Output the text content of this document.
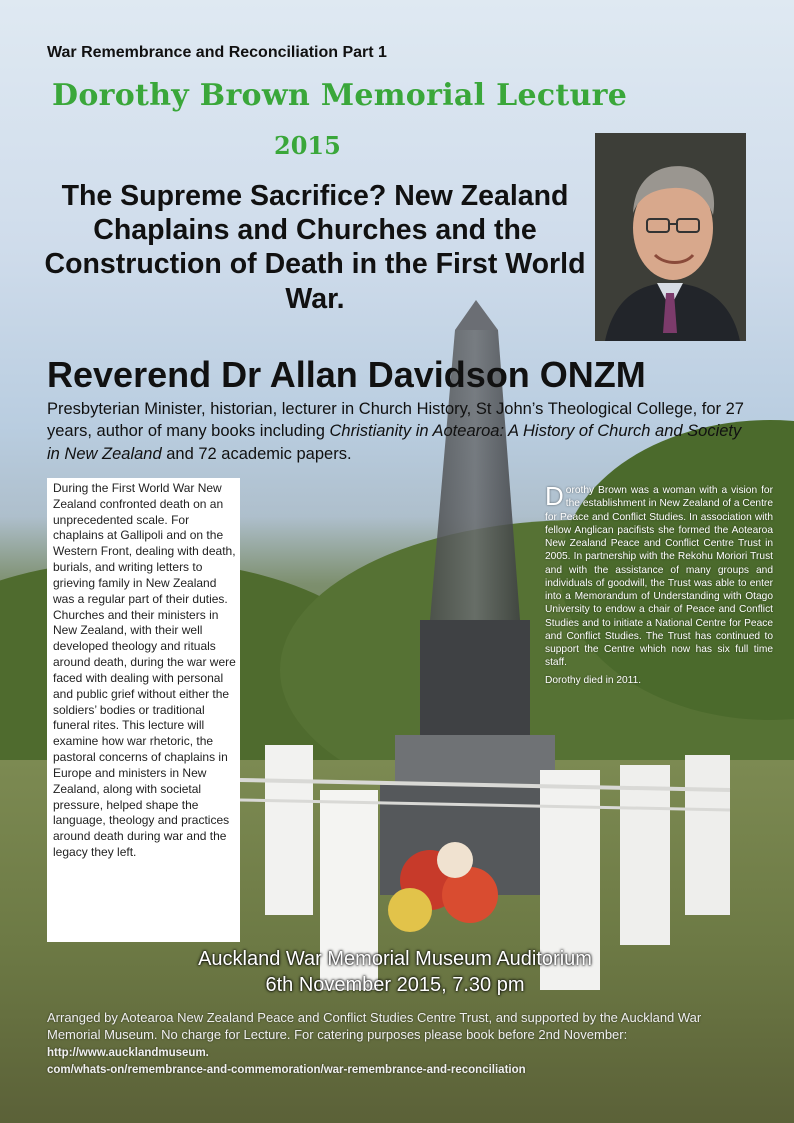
War Remembrance and Reconciliation Part 1
Dorothy Brown Memorial Lecture
2015
The Supreme Sacrifice? New Zealand Chaplains and Churches and the Construction of Death in the First World War.
Reverend Dr Allan Davidson ONZM

Presbyterian Minister, historian, lecturer in Church History, St John’s Theological College, for 27 years, author of many books including Christianity in Aotearoa: A History of Church and Society in New Zealand and 72 academic papers.

During the First World War New Zealand confronted death on an unprecedented scale. For chaplains at Gallipoli and on the Western Front, dealing with death, burials, and writing letters to grieving family in New Zealand was a regular part of their duties. Churches and their ministers in New Zealand, with their well developed theology and rituals around death, during the war were faced with dealing with personal and public grief without either the soldiers’ bodies or traditional funeral rites. This lecture will examine how war rhetoric, the pastoral concerns of chaplains in Europe and ministers in New Zealand, along with societal pressure, helped shape the language, theology and practices around death during war and the legacy they left.

Dorothy Brown was a woman with a vision for the establishment in New Zealand of a Centre for Peace and Conflict Studies. In association with fellow Anglican pacifists she formed the Aotearoa New Zealand Peace and Conflict Centre Trust in 2005. In partnership with the Rekohu Moriori Trust and with the assistance of many groups and individuals of goodwill, the Trust was able to enter into a Memorandum of Understanding with Otago University to endow a chair of Peace and Conflict Studies and to initiate a National Centre for Peace and Conflict Studies. The Trust has continued to support the Centre which now has six full time staff.

Dorothy died in 2011.

Auckland War Memorial Museum Auditorium
6th November 2015, 7.30 pm

Arranged by Aotearoa New Zealand Peace and Conflict Studies Centre Trust, and supported by the Auckland War Memorial Museum. No charge for Lecture. For catering purposes please book before 2nd November: http://www.aucklandmuseum.
com/whats-on/remembrance-and-commemoration/war-remembrance-and-reconciliation
